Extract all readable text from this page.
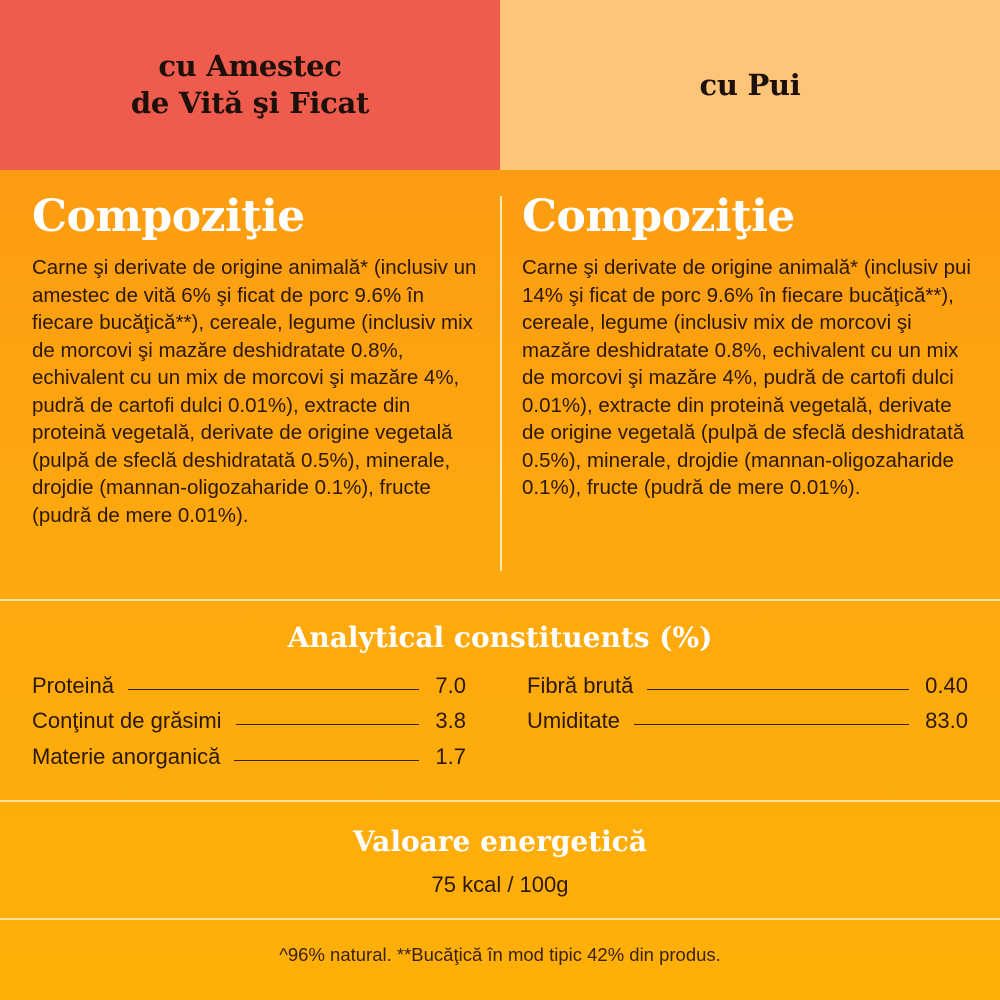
cu Amestec
de Vită şi Ficat
cu Pui
Compoziţie

Carne şi derivate de origine animală* (inclusiv un amestec de vită 6% şi ficat de porc 9.6% în fiecare bucăţică**), cereale, legume (inclusiv mix de morcovi şi mazăre deshidratate 0.8%, echivalent cu un mix de morcovi şi mazăre 4%, pudră de cartofi dulci 0.01%), extracte din proteină vegetală, derivate de origine vegetală (pulpă de sfeclă deshidratată 0.5%), minerale, drojdie (mannan-oligozaharide 0.1%), fructe (pudră de mere 0.01%).

Compoziţie

Carne şi derivate de origine animală* (inclusiv pui 14% şi ficat de porc 9.6% în fiecare bucăţică**), cereale, legume (inclusiv mix de morcovi şi mazăre deshidratate 0.8%, echivalent cu un mix de morcovi şi mazăre 4%, pudră de cartofi dulci 0.01%), extracte din proteină vegetală, derivate de origine vegetală (pulpă de sfeclă deshidratată 0.5%), minerale, drojdie (mannan-oligozaharide 0.1%), fructe (pudră de mere 0.01%).

Analytical constituents (%)
Proteină	7.0
Conţinut de grăsimi	3.8
Materie anorganică	1.7
Fibră brută	0.40
Umiditate	83.0
Valoare energetică
75 kcal / 100g
^96% natural. **Bucăţică în mod tipic 42% din produs.
